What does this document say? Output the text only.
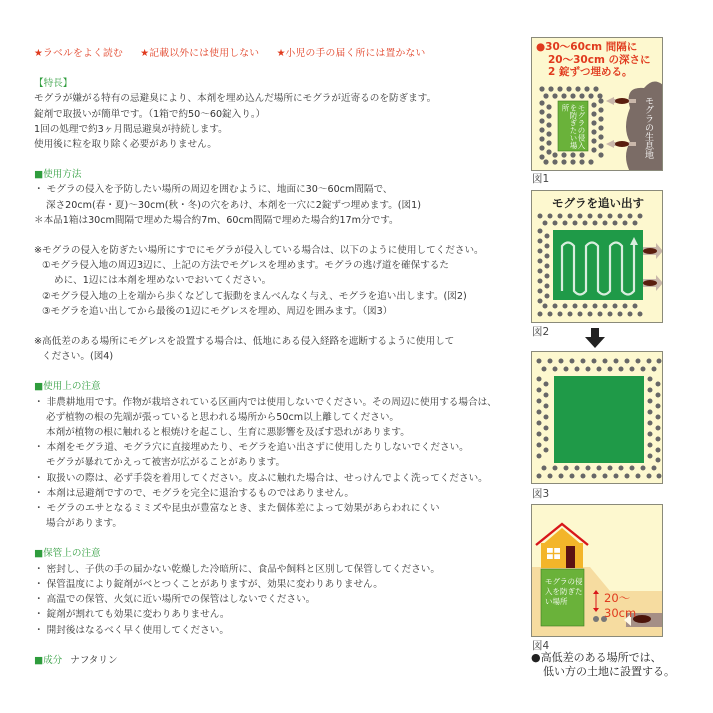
★ラベルをよく読む ★記載以外には使用しない ★小児の手の届く所には置かない
【特長】
モグラが嫌がる特有の忌避臭により、本剤を埋め込んだ場所にモグラが近寄るのを防ぎます。
錠剤で取扱いが簡単です。（1箱で約50〜60錠入り。）
1回の処理で約3ヶ月間忌避臭が持続します。
使用後に粒を取り除く必要がありません。
■使用方法
・ モグラの侵入を予防したい場所の周辺を囲むように、地面に30〜60cm間隔で、
深さ20cm(春・夏)〜30cm(秋・冬)の穴をあけ、本剤を一穴に2錠ずつ埋めます。(図1)
＊本品1箱は30cm間隔で埋めた場合約7m、60cm間隔で埋めた場合約17m分です。
※モグラの侵入を防ぎたい場所にすでにモグラが侵入している場合は、以下のように使用してください。
①モグラ侵入地の周辺3辺に、上記の方法でモグレスを埋めます。モグラの逃げ道を確保するた
めに、1辺には本剤を埋めないでおいてください。
②モグラ侵入地の上を端から歩くなどして振動をまんべんなく与え、モグラを追い出します。(図2)
③モグラを追い出してから最後の1辺にモグレスを埋め、周辺を囲みます。（図3）
※高低差のある場所にモグレスを設置する場合は、低地にある侵入経路を遮断するように使用して
ください。(図4)
■使用上の注意
・ 非農耕地用です。作物が栽培されている区画内では使用しないでください。その周辺に使用する場合は、
必ず植物の根の先端が張っていると思われる場所から50cm以上離してください。
本剤が植物の根に触れると根焼けを起こし、生育に悪影響を及ぼす恐れがあります。
・ 本剤をモグラ道、モグラ穴に直接埋めたり、モグラを追い出さずに使用したりしないでください。
モグラが暴れてかえって被害が広がることがあります。
・ 取扱いの際は、必ず手袋を着用してください。皮ふに触れた場合は、せっけんでよく洗ってください。
・ 本剤は忌避剤ですので、モグラを完全に退治するものではありません。
・ モグラのエサとなるミミズや昆虫が豊富なとき、また個体差によって効果があらわれにくい
場合があります。
■保管上の注意
・ 密封し、子供の手の届かない乾燥した冷暗所に、食品や飼料と区別して保管してください。
・ 保管温度により錠剤がべとつくことがありますが、効果に変わりありません。
・ 高温での保管、火気に近い場所での保管はしないでください。
・ 錠剤が割れても効果に変わりありません。
・ 開封後はなるべく早く使用してください。
■成分 ナフタリン
●30〜60cm 間隔に
20〜30cm の深さに
2 錠ずつ埋める。
モグラの侵入を防ぎたい場所	モグラの生息地
図1
モグラを追い出す
図2
図3
モグラの侵入を防ぎたい場所	20〜30cm
図4
●高低差のある場所では、
低い方の土地に設置する。
